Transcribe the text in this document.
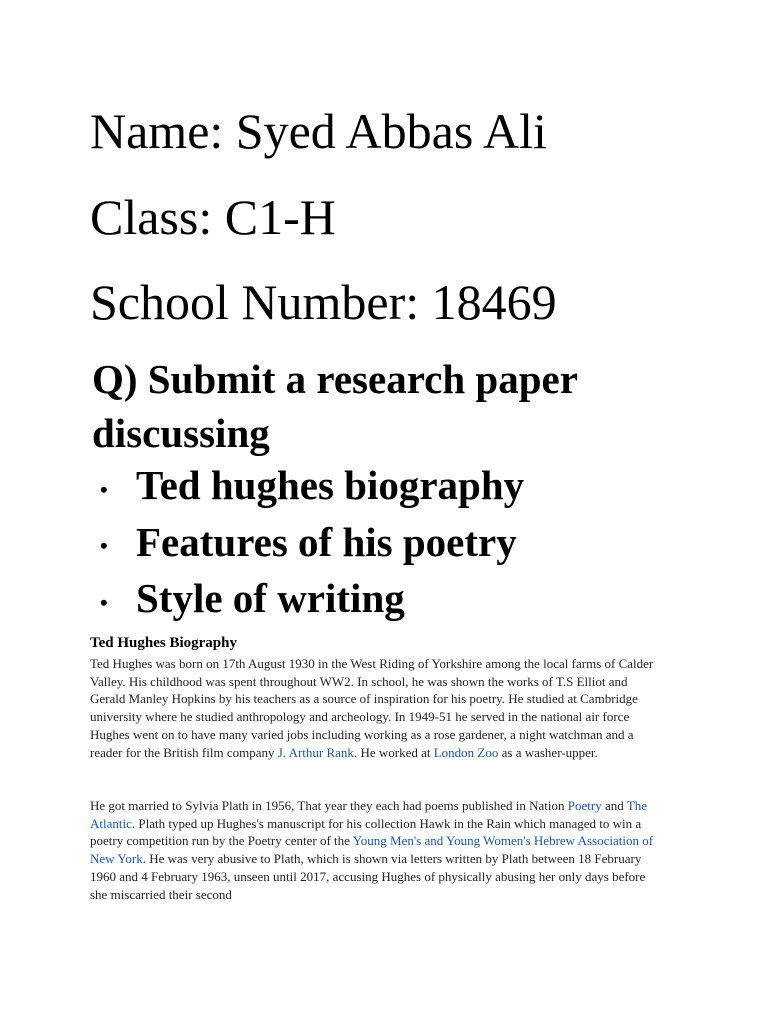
Name: Syed Abbas Ali
Class: C1-H
School Number: 18469
Q) Submit a research paper discussing
• Ted hughes biography
• Features of his poetry
• Style of writing
Ted Hughes Biography

Ted Hughes was born on 17th August 1930 in the West Riding of Yorkshire among the local farms of Calder Valley. His childhood was spent throughout WW2. In school, he was shown the works of T.S Elliot and Gerald Manley Hopkins by his teachers as a source of inspiration for his poetry. He studied at Cambridge university where he studied anthropology and archeology. In 1949-51 he served in the national air force Hughes went on to have many varied jobs including working as a rose gardener, a night watchman and a reader for the British film company J. Arthur Rank. He worked at London Zoo as a washer-upper.

He got married to Sylvia Plath in 1956, That year they each had poems published in Nation Poetry and The Atlantic. Plath typed up Hughes's manuscript for his collection Hawk in the Rain which managed to win a poetry competition run by the Poetry center of the Young Men's and Young Women's Hebrew Association of New York. He was very abusive to Plath, which is shown via letters written by Plath between 18 February 1960 and 4 February 1963, unseen until 2017, accusing Hughes of physically abusing her only days before she miscarried their second
